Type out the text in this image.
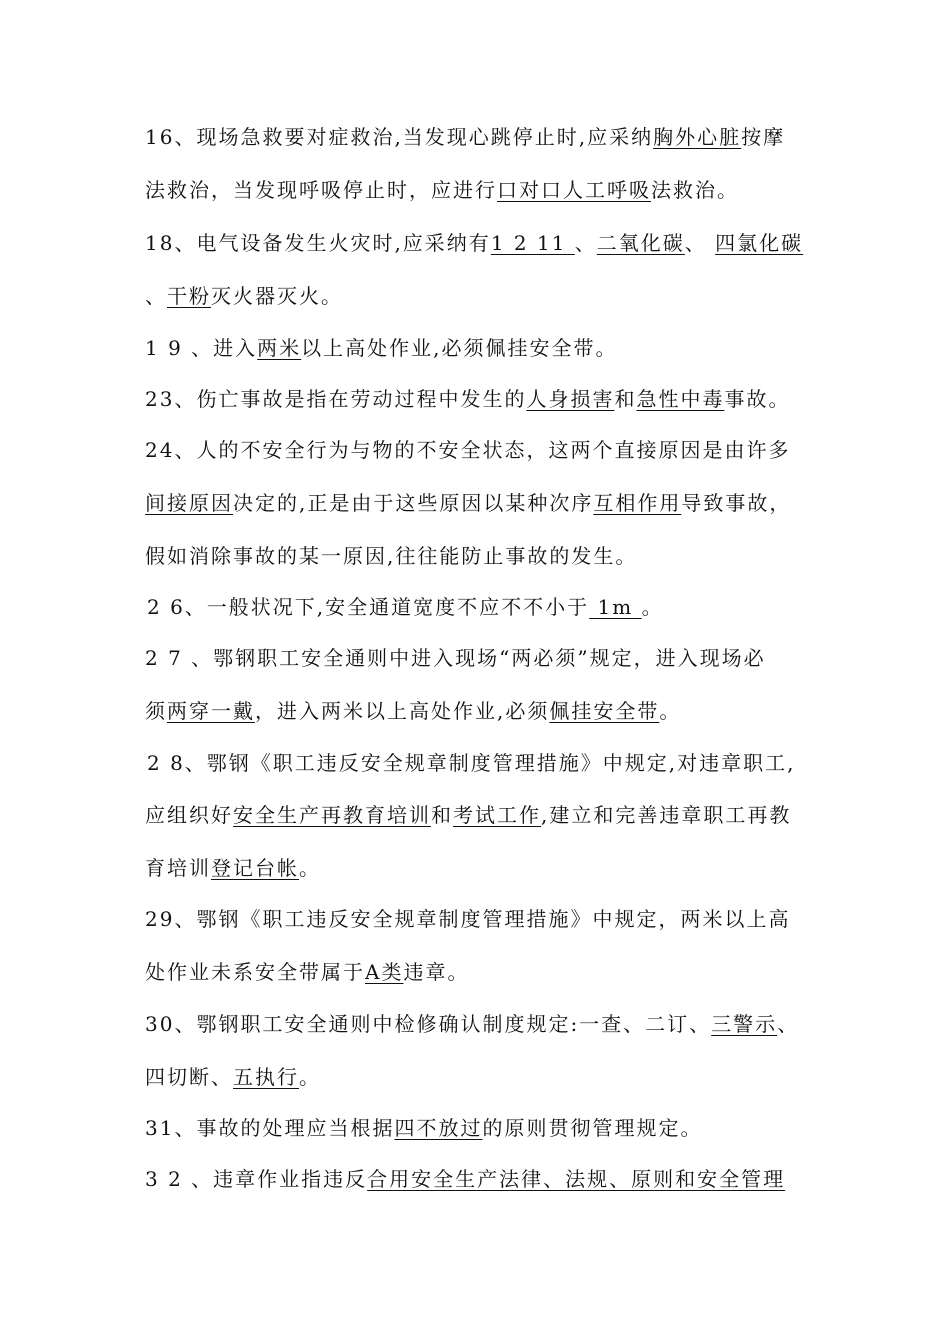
16、现场急救要对症救治,当发现心跳停止时,应采纳胸外心脏按摩
法救治，当发现呼吸停止时，应进行口对口人工呼吸法救治。
18、电气设备发生火灾时,应采纳有1 2 11 、二氧化碳、 四氯化碳
、干粉灭火器灭火。
1 9 、进入两米以上高处作业,必须佩挂安全带。
23、伤亡事故是指在劳动过程中发生的人身损害和急性中毒事故。
24、人的不安全行为与物的不安全状态，这两个直接原因是由许多
间接原因决定的,正是由于这些原因以某种次序互相作用导致事故，
假如消除事故的某一原因,往往能防止事故的发生。
2 6、一般状况下,安全通道宽度不应不不小于 1m 。
2 7 、鄂钢职工安全通则中进入现场“两必须”规定，进入现场必
须两穿一戴，进入两米以上高处作业,必须佩挂安全带。
2 8、鄂钢《职工违反安全规章制度管理措施》中规定,对违章职工,
应组织好安全生产再教育培训和考试工作,建立和完善违章职工再教
育培训登记台帐。
29、鄂钢《职工违反安全规章制度管理措施》中规定，两米以上高
处作业未系安全带属于A类违章。
30、鄂钢职工安全通则中检修确认制度规定:一查、二订、三警示、
四切断、五执行。
31、事故的处理应当根据四不放过的原则贯彻管理规定。
3 2 、违章作业指违反合用安全生产法律、法规、原则和安全管理
